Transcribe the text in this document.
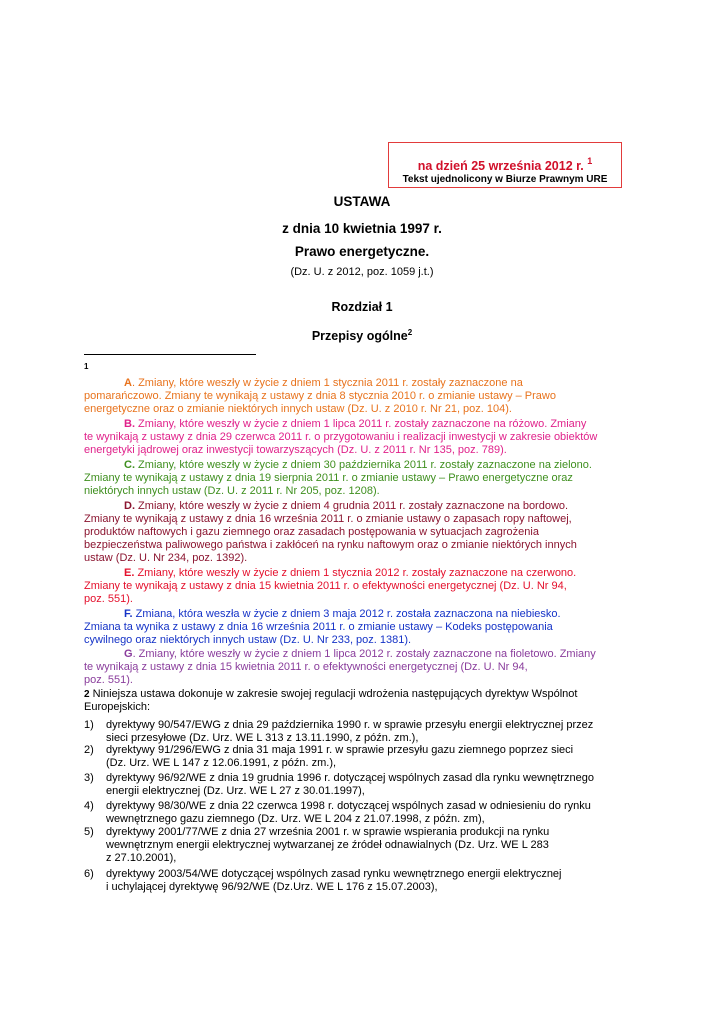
na dzień 25 września 2012 r. $^1$
Tekst ujednolicony w Biurze Prawnym URE
USTAWA
z dnia 10 kwietnia 1997 r.
Prawo energetyczne.
(Dz. U. z 2012, poz. 1059 j.t.)
Rozdział 1
Przepisy ogólne$^2$
1
A. Zmiany, które weszły w życie z dniem 1 stycznia 2011 r. zostały zaznaczone na
pomarańczowo. Zmiany te wynikają z ustawy z dnia 8 stycznia 2010 r. o zmianie ustawy – Prawo
energetyczne oraz o zmianie niektórych innych ustaw (Dz. U. z 2010 r. Nr 21, poz. 104).
B. Zmiany, które weszły w życie z dniem 1 lipca 2011 r. zostały zaznaczone na różowo. Zmiany
te wynikają z ustawy z dnia 29 czerwca 2011 r. o przygotowaniu i realizacji inwestycji w zakresie obiektów
energetyki jądrowej oraz inwestycji towarzyszących (Dz. U. z 2011 r. Nr 135, poz. 789).
C. Zmiany, które weszły w życie z dniem 30 października 2011 r. zostały zaznaczone na zielono.
Zmiany te wynikają z ustawy z dnia 19 sierpnia 2011 r. o zmianie ustawy – Prawo energetyczne oraz
niektórych innych ustaw (Dz. U. z 2011 r. Nr 205, poz. 1208).
D. Zmiany, które weszły w życie z dniem 4 grudnia 2011 r. zostały zaznaczone na bordowo.
Zmiany te wynikają z ustawy z dnia 16 września 2011 r. o zmianie ustawy o zapasach ropy naftowej,
produktów naftowych i gazu ziemnego oraz zasadach postępowania w sytuacjach zagrożenia
bezpieczeństwa paliwowego państwa i zakłóceń na rynku naftowym oraz o zmianie niektórych innych
ustaw (Dz. U. Nr 234, poz. 1392).
E. Zmiany, które weszły w życie z dniem 1 stycznia 2012 r. zostały zaznaczone na czerwono.
Zmiany te wynikają z ustawy z dnia 15 kwietnia 2011 r. o efektywności energetycznej (Dz. U. Nr 94,
poz. 551).
F. Zmiana, która weszła w życie z dniem 3 maja 2012 r. została zaznaczona na niebiesko.
Zmiana ta wynika z ustawy z dnia 16 września 2011 r. o zmianie ustawy – Kodeks postępowania
cywilnego oraz niektórych innych ustaw (Dz. U. Nr 233, poz. 1381).
G. Zmiany, które weszły w życie z dniem 1 lipca 2012 r. zostały zaznaczone na fioletowo. Zmiany
te wynikają z ustawy z dnia 15 kwietnia 2011 r. o efektywności energetycznej (Dz. U. Nr 94,
poz. 551).
2 Niniejsza ustawa dokonuje w zakresie swojej regulacji wdrożenia następujących dyrektyw Wspólnot
Europejskich:
1) dyrektywy 90/547/EWG z dnia 29 października 1990 r. w sprawie przesyłu energii elektrycznej przez
sieci przesyłowe (Dz. Urz. WE L 313 z 13.11.1990, z późn. zm.),
2) dyrektywy 91/296/EWG z dnia 31 maja 1991 r. w sprawie przesyłu gazu ziemnego poprzez sieci
(Dz. Urz. WE L 147 z 12.06.1991, z późn. zm.),
3) dyrektywy 96/92/WE z dnia 19 grudnia 1996 r. dotyczącej wspólnych zasad dla rynku wewnętrznego
energii elektrycznej (Dz. Urz. WE L 27 z 30.01.1997),
4) dyrektywy 98/30/WE z dnia 22 czerwca 1998 r. dotyczącej wspólnych zasad w odniesieniu do rynku
wewnętrznego gazu ziemnego (Dz. Urz. WE L 204 z 21.07.1998, z późn. zm),
5) dyrektywy 2001/77/WE z dnia 27 września 2001 r. w sprawie wspierania produkcji na rynku
wewnętrznym energii elektrycznej wytwarzanej ze źródeł odnawialnych (Dz. Urz. WE L 283
z 27.10.2001),
6) dyrektywy 2003/54/WE dotyczącej wspólnych zasad rynku wewnętrznego energii elektrycznej
i uchylającej dyrektywę 96/92/WE (Dz.Urz. WE L 176 z 15.07.2003),
